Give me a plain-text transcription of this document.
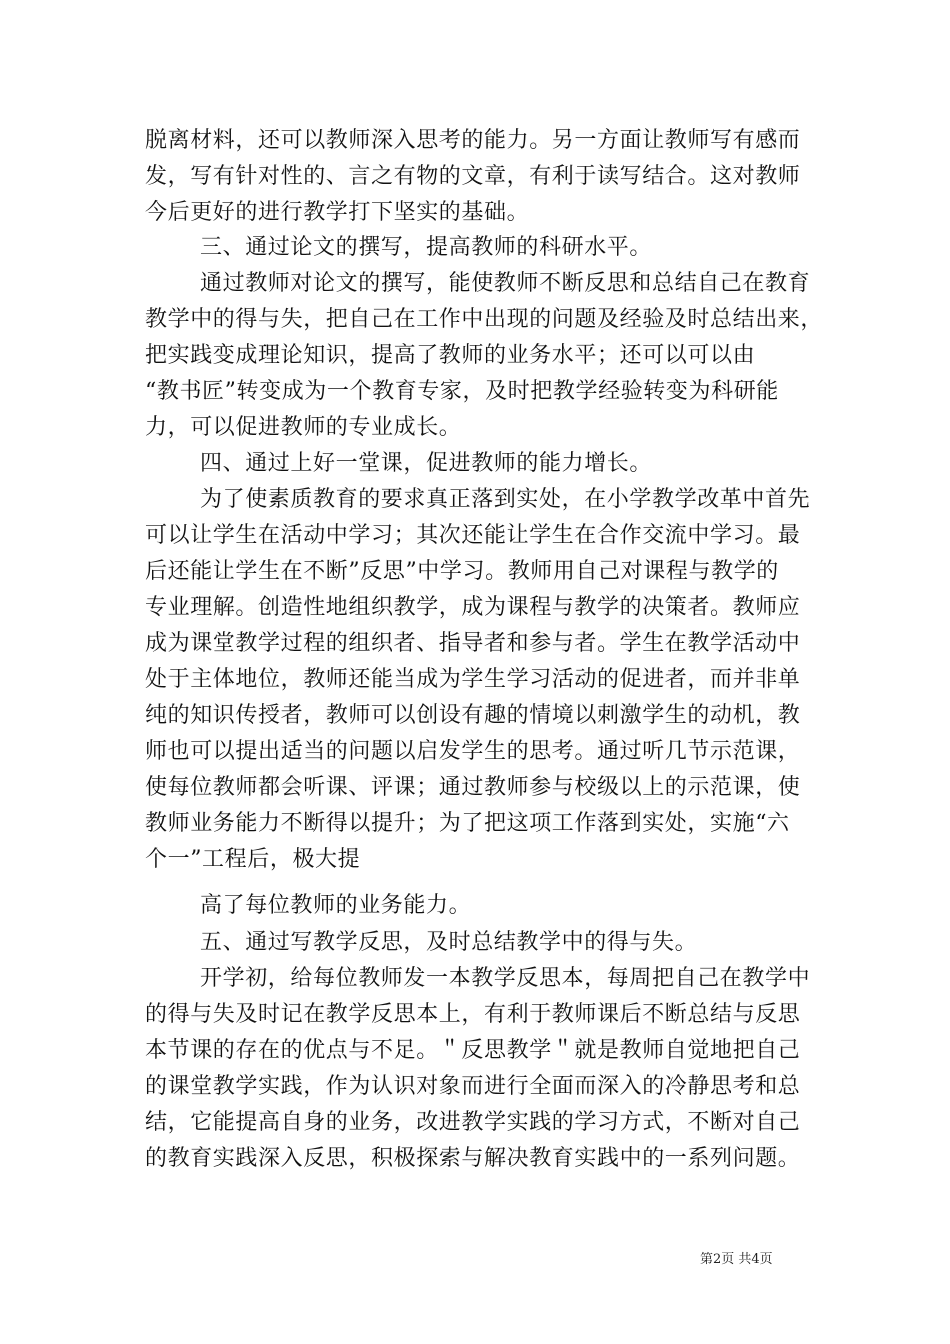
脱离材料，还可以教师深入思考的能力。另一方面让教师写有感而
发，写有针对性的、言之有物的文章，有利于读写结合。这对教师
今后更好的进行教学打下坚实的基础。
三、通过论文的撰写，提高教师的科研水平。
通过教师对论文的撰写，能使教师不断反思和总结自己在教育
教学中的得与失，把自己在工作中出现的问题及经验及时总结出来，
把实践变成理论知识，提高了教师的业务水平；还可以可以由
“教书匠”转变成为一个教育专家，及时把教学经验转变为科研能
力，可以促进教师的专业成长。
四、通过上好一堂课，促进教师的能力增长。
为了使素质教育的要求真正落到实处，在小学教学改革中首先
可以让学生在活动中学习；其次还能让学生在合作交流中学习。最
后还能让学生在不断”反思”中学习。教师用自己对课程与教学的
专业理解。创造性地组织教学，成为课程与教学的决策者。教师应
成为课堂教学过程的组织者、指导者和参与者。学生在教学活动中
处于主体地位，教师还能当成为学生学习活动的促进者，而并非单
纯的知识传授者，教师可以创设有趣的情境以刺激学生的动机，教
师也可以提出适当的问题以启发学生的思考。通过听几节示范课，
使每位教师都会听课、评课；通过教师参与校级以上的示范课，使
教师业务能力不断得以提升；为了把这项工作落到实处，实施“六
个一”工程后，极大提
高了每位教师的业务能力。
五、通过写教学反思，及时总结教学中的得与失。
开学初，给每位教师发一本教学反思本，每周把自己在教学中
的得与失及时记在教学反思本上，有利于教师课后不断总结与反思
本节课的存在的优点与不足。＂反思教学＂就是教师自觉地把自己
的课堂教学实践，作为认识对象而进行全面而深入的冷静思考和总
结，它能提高自身的业务，改进教学实践的学习方式，不断对自己
的教育实践深入反思，积极探索与解决教育实践中的一系列问题。
第2页 共4页
